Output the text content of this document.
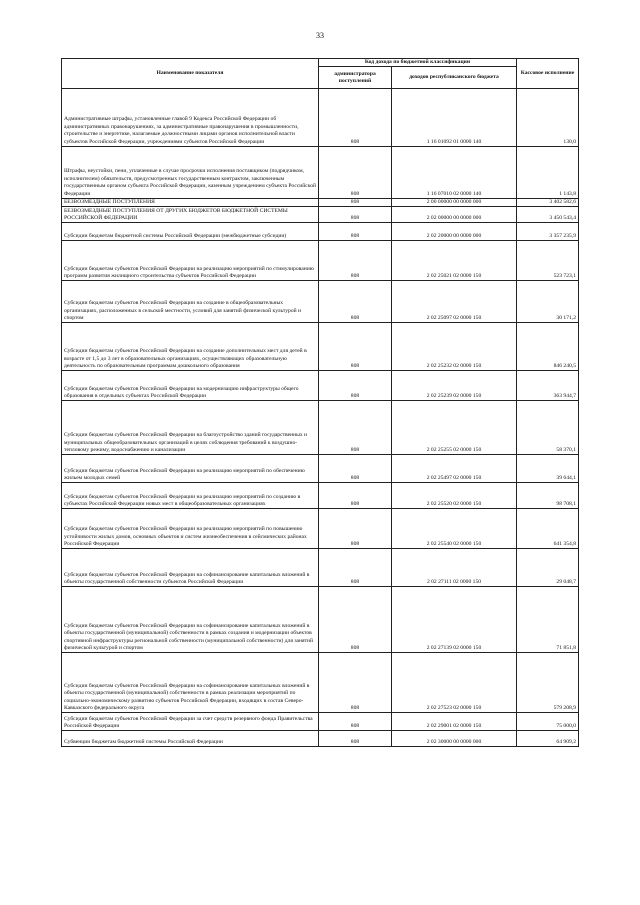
33
Наименование показателя	Код дохода по бюджетной классификации		Кассовое исполнение
	администратора поступлений	доходов республиканского бюджета	
Административные штрафы, установленные главой 9 Кодекса Российской Федерации об административных правонарушениях, за административные правонарушения в промышленности, строительстве и энергетике, налагаемые должностными лицами органов исполнительной власти субъектов Российской Федерации, учреждениями субъектов Российской Федерации	808	1 16 01092 01 0000 140	130,0
Штрафы, неустойки, пени, уплаченные в случае просрочки исполнения поставщиком (подрядчиком, исполнителем) обязательств, предусмотренных государственным контрактом, заключенным государственным органом субъекта Российской Федерации, казенным учреждением субъекта Российской Федерации	808	1 16 07010 02 0000 140	1 143,8
БЕЗВОЗМЕЗДНЫЕ ПОСТУПЛЕНИЯ	808	2 00 00000 00 0000 000	3 402 582,6
БЕЗВОЗМЕЗДНЫЕ ПОСТУПЛЕНИЯ ОТ ДРУГИХ БЮДЖЕТОВ БЮДЖЕТНОЙ СИСТЕМЫ РОССИЙСКОЙ ФЕДЕРАЦИИ	808	2 02 00000 00 0000 000	3 450 543,4
Субсидии бюджетам бюджетной системы Российской Федерации (межбюджетные субсидии)	808	2 02 20000 00 0000 000	3 357 235,9
Субсидии бюджетам субъектов Российской Федерации на реализацию мероприятий по стимулированию программ развития жилищного строительства субъектов Российской Федерации	808	2 02 25021 02 0000 150	523 723,1
Субсидии бюджетам субъектов Российской Федерации на создание в общеобразовательных организациях, расположенных в сельской местности, условий для занятий физической культурой и спортом	808	2 02 25097 02 0000 150	30 171,2
Субсидии бюджетам субъектов Российской Федерации на создание дополнительных мест для детей в возрасте от 1,5 до 3 лет в образовательных организациях, осуществляющих образовательную деятельность по образовательным программам дошкольного образования	808	2 02 25232 02 0000 150	846 240,5
Субсидии бюджетам субъектов Российской Федерации на модернизацию инфраструктуры общего образования в отдельных субъектах Российской Федерации	808	2 02 25239 02 0000 150	363 944,7
Субсидии бюджетам субъектов Российской Федерации на благоустройство зданий государственных и муниципальных общеобразовательных организаций в целях соблюдения требований к воздушно-тепловому режиму, водоснабжению и канализации	808	2 02 25255 02 0000 150	58 370,1
Субсидии бюджетам субъектов Российской Федерации на реализацию мероприятий по обеспечению жильем молодых семей	808	2 02 25497 02 0000 150	39 644,1
Субсидии бюджетам субъектов Российской Федерации на реализацию мероприятий по созданию в субъектах Российской Федерации новых мест в общеобразовательных организациях	808	2 02 25520 02 0000 150	98 708,1
Субсидии бюджетам субъектов Российской Федерации на реализацию мероприятий по повышению устойчивости жилых домов, основных объектов и систем жизнеобеспечения в сейсмических районах Российской Федерации	808	2 02 25540 02 0000 150	641 354,8
Субсидии бюджетам субъектов Российской Федерации на софинансирование капитальных вложений в объекты государственной собственности субъектов Российской Федерации	808	2 02 27111 02 0000 150	29 048,7
Субсидии бюджетам субъектов Российской Федерации на софинансирование капитальных вложений в объекты государственной (муниципальной) собственности в рамках создания и модернизации объектов спортивной инфраструктуры региональной собственности (муниципальной собственности) для занятий физической культурой и спортом	808	2 02 27139 02 0000 150	71 851,8
Субсидии бюджетам субъектов Российской Федерации на софинансирование капитальных вложений в объекты государственной (муниципальной) собственности в рамках реализации мероприятий по социально-экономическому развитию субъектов Российской Федерации, входящих в состав Северо-Кавказского федерального округа	808	2 02 27523 02 0000 150	579 208,9
Субсидии бюджетам субъектов Российской Федерации за счет средств резервного фонда Правительства Российской Федерации	808	2 02 29001 02 0000 150	75 000,0
Субвенции бюджетам бюджетной системы Российской Федерации	808	2 02 30000 00 0000 000	64 909,2
